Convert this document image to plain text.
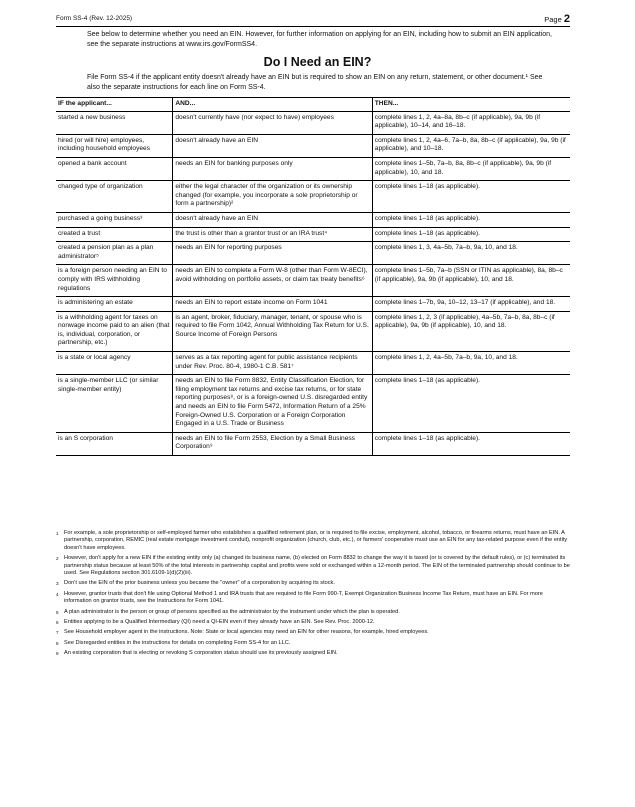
Form SS-4 (Rev. 12-2025)	Page 2
See below to determine whether you need an EIN. However, for further information on applying for an EIN, including how to submit an EIN application, see the separate instructions at www.irs.gov/FormSS4.
Do I Need an EIN?
File Form SS-4 if the applicant entity doesn't already have an EIN but is required to show an EIN on any return, statement, or other document.¹ See also the separate instructions for each line on Form SS-4.
IF the applicant...	AND...	THEN...
started a new business	doesn't currently have (nor expect to have) employees	complete lines 1, 2, 4a–8a, 8b–c (if applicable), 9a, 9b (if applicable), 10–14, and 16–18.
hired (or will hire) employees, including household employees	doesn't already have an EIN	complete lines 1, 2, 4a–6, 7a–b, 8a, 8b–c (if applicable), 9a, 9b (if applicable), and 10–18.
opened a bank account	needs an EIN for banking purposes only	complete lines 1–5b, 7a–b, 8a, 8b–c (if applicable), 9a, 9b (if applicable), 10, and 18.
changed type of organization	either the legal character of the organization or its ownership changed (for example, you incorporate a sole proprietorship or form a partnership)²	complete lines 1–18 (as applicable).
purchased a going business³	doesn't already have an EIN	complete lines 1–18 (as applicable).
created a trust	the trust is other than a grantor trust or an IRA trust⁴	complete lines 1–18 (as applicable).
created a pension plan as a plan administrator⁵	needs an EIN for reporting purposes	complete lines 1, 3, 4a–5b, 7a–b, 9a, 10, and 18.
is a foreign person needing an EIN to comply with IRS withholding regulations	needs an EIN to complete a Form W-8 (other than Form W-8ECI), avoid withholding on portfolio assets, or claim tax treaty benefits⁶	complete lines 1–5b, 7a–b (SSN or ITIN as applicable), 8a, 8b–c (if applicable), 9a, 9b (if applicable), 10, and 18.
is administering an estate	needs an EIN to report estate income on Form 1041	complete lines 1–7b, 9a, 10–12, 13–17 (if applicable), and 18.
is a withholding agent for taxes on nonwage income paid to an alien (that is, individual, corporation, or partnership, etc.)	is an agent, broker, fiduciary, manager, tenant, or spouse who is required to file Form 1042, Annual Withholding Tax Return for U.S. Source Income of Foreign Persons	complete lines 1, 2, 3 (if applicable), 4a–5b, 7a–b, 8a, 8b–c (if applicable), 9a, 9b (if applicable), 10, and 18.
is a state or local agency	serves as a tax reporting agent for public assistance recipients under Rev. Proc. 80-4, 1980-1 C.B. 581⁷	complete lines 1, 2, 4a–5b, 7a–b, 9a, 10, and 18.
is a single-member LLC (or similar single-member entity)	needs an EIN to file Form 8832, Entity Classification Election, for filing employment tax returns and excise tax returns, or for state reporting purposes⁸, or is a foreign-owned U.S. disregarded entity and needs an EIN to file Form 5472, Information Return of a 25% Foreign-Owned U.S. Corporation or a Foreign Corporation Engaged in a U.S. Trade or Business	complete lines 1–18 (as applicable).
is an S corporation	needs an EIN to file Form 2553, Election by a Small Business Corporation⁹	complete lines 1–18 (as applicable).
1 For example, a sole proprietorship or self-employed farmer who establishes a qualified retirement plan, or is required to file excise, employment, alcohol, tobacco, or firearms returns, must have an EIN. A partnership, corporation, REMIC (real estate mortgage investment conduit), nonprofit organization (church, club, etc.), or farmers' cooperative must use an EIN for any tax-related purpose even if the entity doesn't have employees.
2 However, don't apply for a new EIN if the existing entity only (a) changed its business name, (b) elected on Form 8832 to change the way it is taxed (or is covered by the default rules), or (c) terminated its partnership status because at least 50% of the total interests in partnership capital and profits were sold or exchanged within a 12-month period. The EIN of the terminated partnership should continue to be used. See Regulations section 301.6109-1(d)(2)(iii).
3 Don't use the EIN of the prior business unless you became the "owner" of a corporation by acquiring its stock.
4 However, grantor trusts that don't file using Optional Method 1 and IRA trusts that are required to file Form 990-T, Exempt Organization Business Income Tax Return, must have an EIN. For more information on grantor trusts, see the Instructions for Form 1041.
5 A plan administrator is the person or group of persons specified as the administrator by the instrument under which the plan is operated.
6 Entities applying to be a Qualified Intermediary (QI) need a QI-EIN even if they already have an EIN. See Rev. Proc. 2000-12.
7 See Household employer agent in the instructions. Note: State or local agencies may need an EIN for other reasons, for example, hired employees.
8 See Disregarded entities in the instructions for details on completing Form SS-4 for an LLC.
9 An existing corporation that is electing or revoking S corporation status should use its previously assigned EIN.
